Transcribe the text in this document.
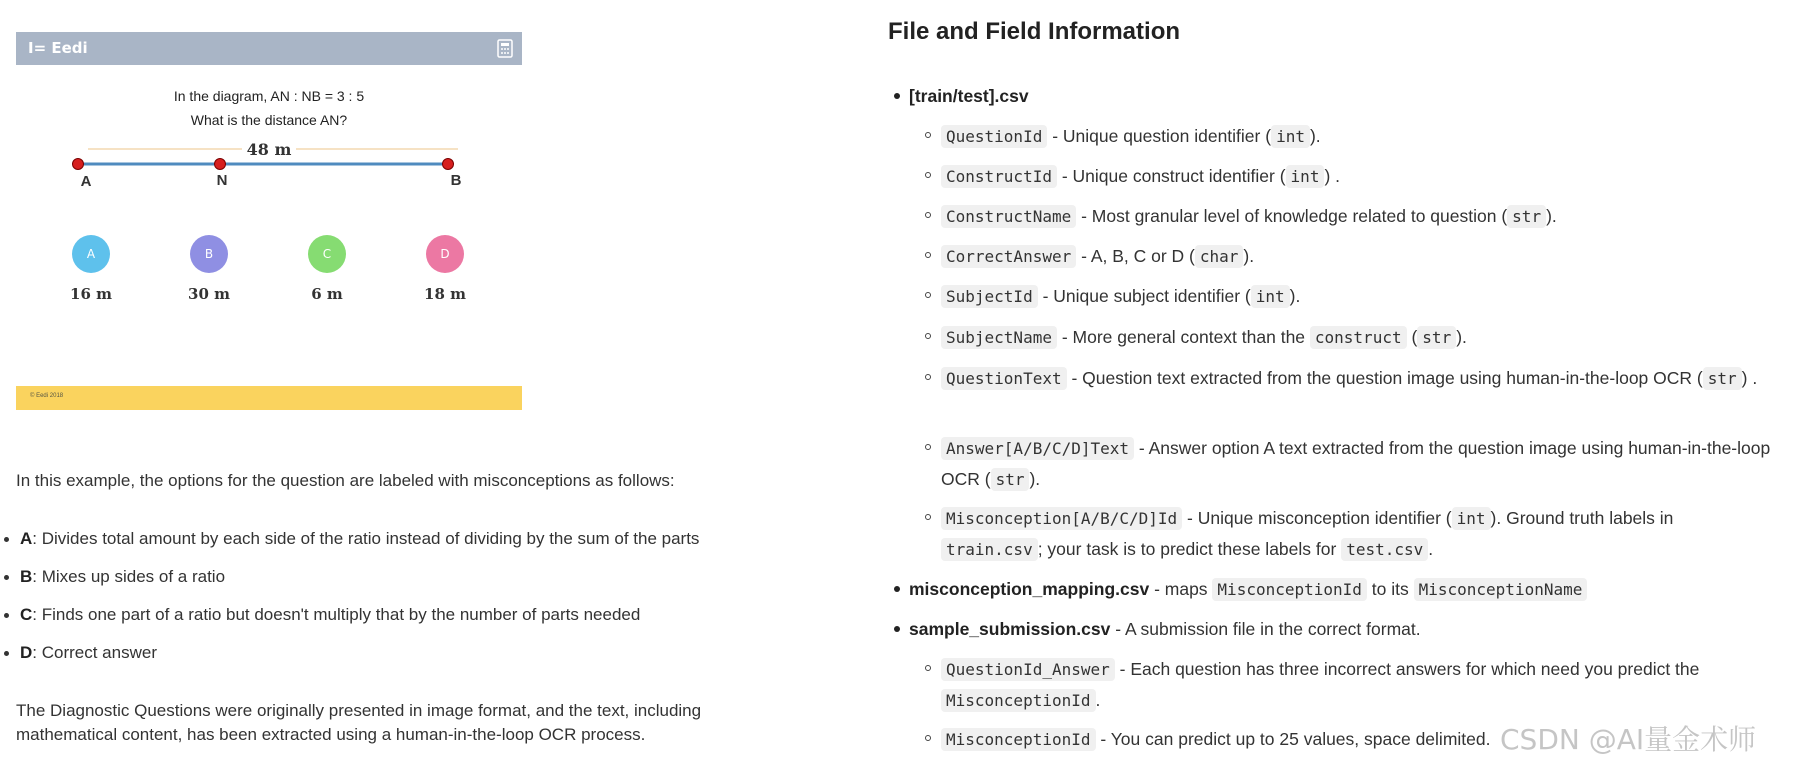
I= Eedi
In the diagram, AN : NB = 3 : 5
What is the distance AN?
48 m
A	N	B
A	B	C	D
16 m	30 m	6 m	18 m
© Eedi 2018
In this example, the options for the question are labeled with misconceptions as follows:
A: Divides total amount by each side of the ratio instead of dividing by the sum of the parts
B: Mixes up sides of a ratio
C: Finds one part of a ratio but doesn't multiply that by the number of parts needed
D: Correct answer
The Diagnostic Questions were originally presented in image format, and the text, including mathematical content, has been extracted using a human-in-the-loop OCR process.
File and Field Information
[train/test].csv
QuestionId - Unique question identifier ( int ).
ConstructId - Unique construct identifier ( int ) .
ConstructName - Most granular level of knowledge related to question ( str ).
CorrectAnswer - A, B, C or D ( char ).
SubjectId - Unique subject identifier ( int ).
SubjectName - More general context than the construct ( str ).
QuestionText - Question text extracted from the question image using human-in-the-loop OCR ( str ) .
Answer[A/B/C/D]Text - Answer option A text extracted from the question image using human-in-the-loop OCR ( str ).
Misconception[A/B/C/D]Id - Unique misconception identifier ( int ). Ground truth labels in train.csv ; your task is to predict these labels for test.csv .
misconception_mapping.csv - maps MisconceptionId to its MisconceptionName
sample_submission.csv - A submission file in the correct format.
QuestionId_Answer - Each question has three incorrect answers for which need you predict the MisconceptionId .
MisconceptionId - You can predict up to 25 values, space delimited. CSDN @AI量金术师
